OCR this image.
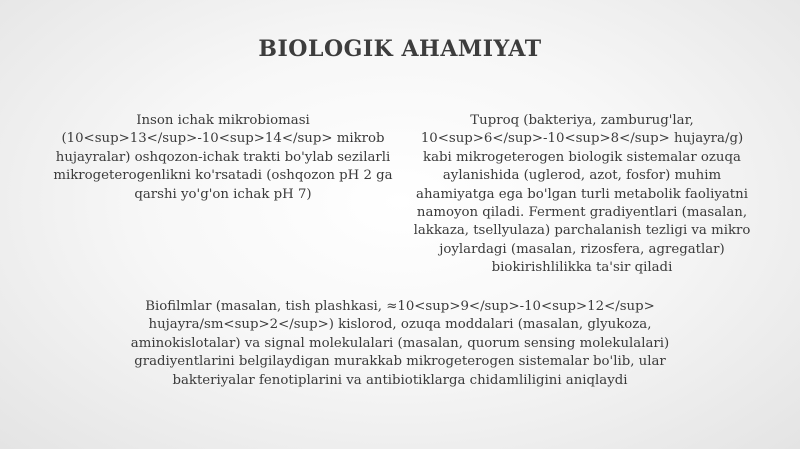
BIOLOGIK AHAMIYAT
Inson ichak mikrobiomasi (10<sup>13</sup>-10<sup>14</sup> mikrob hujayralar) oshqozon-ichak trakti bo'ylab sezilarli mikrogeterogenlikni ko'rsatadi (oshqozon pH 2 ga qarshi yo'g'on ichak pH 7)
Tuproq (bakteriya, zamburug'lar, 10<sup>6</sup>-10<sup>8</sup> hujayra/g) kabi mikrogeterogen biologik sistemalar ozuqa aylanishida (uglerod, azot, fosfor) muhim ahamiyatga ega bo'lgan turli metabolik faoliyatni namoyon qiladi. Ferment gradiyentlari (masalan, lakkaza, tsellyulaza) parchalanish tezligi va mikro joylardagi (masalan, rizosfera, agregatlar) biokirishlilikka ta'sir qiladi
Biofilmlar (masalan, tish plashkasi, ≈10<sup>9</sup>-10<sup>12</sup> hujayra/sm<sup>2</sup>) kislorod, ozuqa moddalari (masalan, glyukoza, aminokislotalar) va signal molekulalari (masalan, quorum sensing molekulalari) gradiyentlarini belgilaydigan murakkab mikrogeterogen sistemalar bo'lib, ular bakteriyalar fenotiplarini va antibiotiklarga chidamliligini aniqlaydi
